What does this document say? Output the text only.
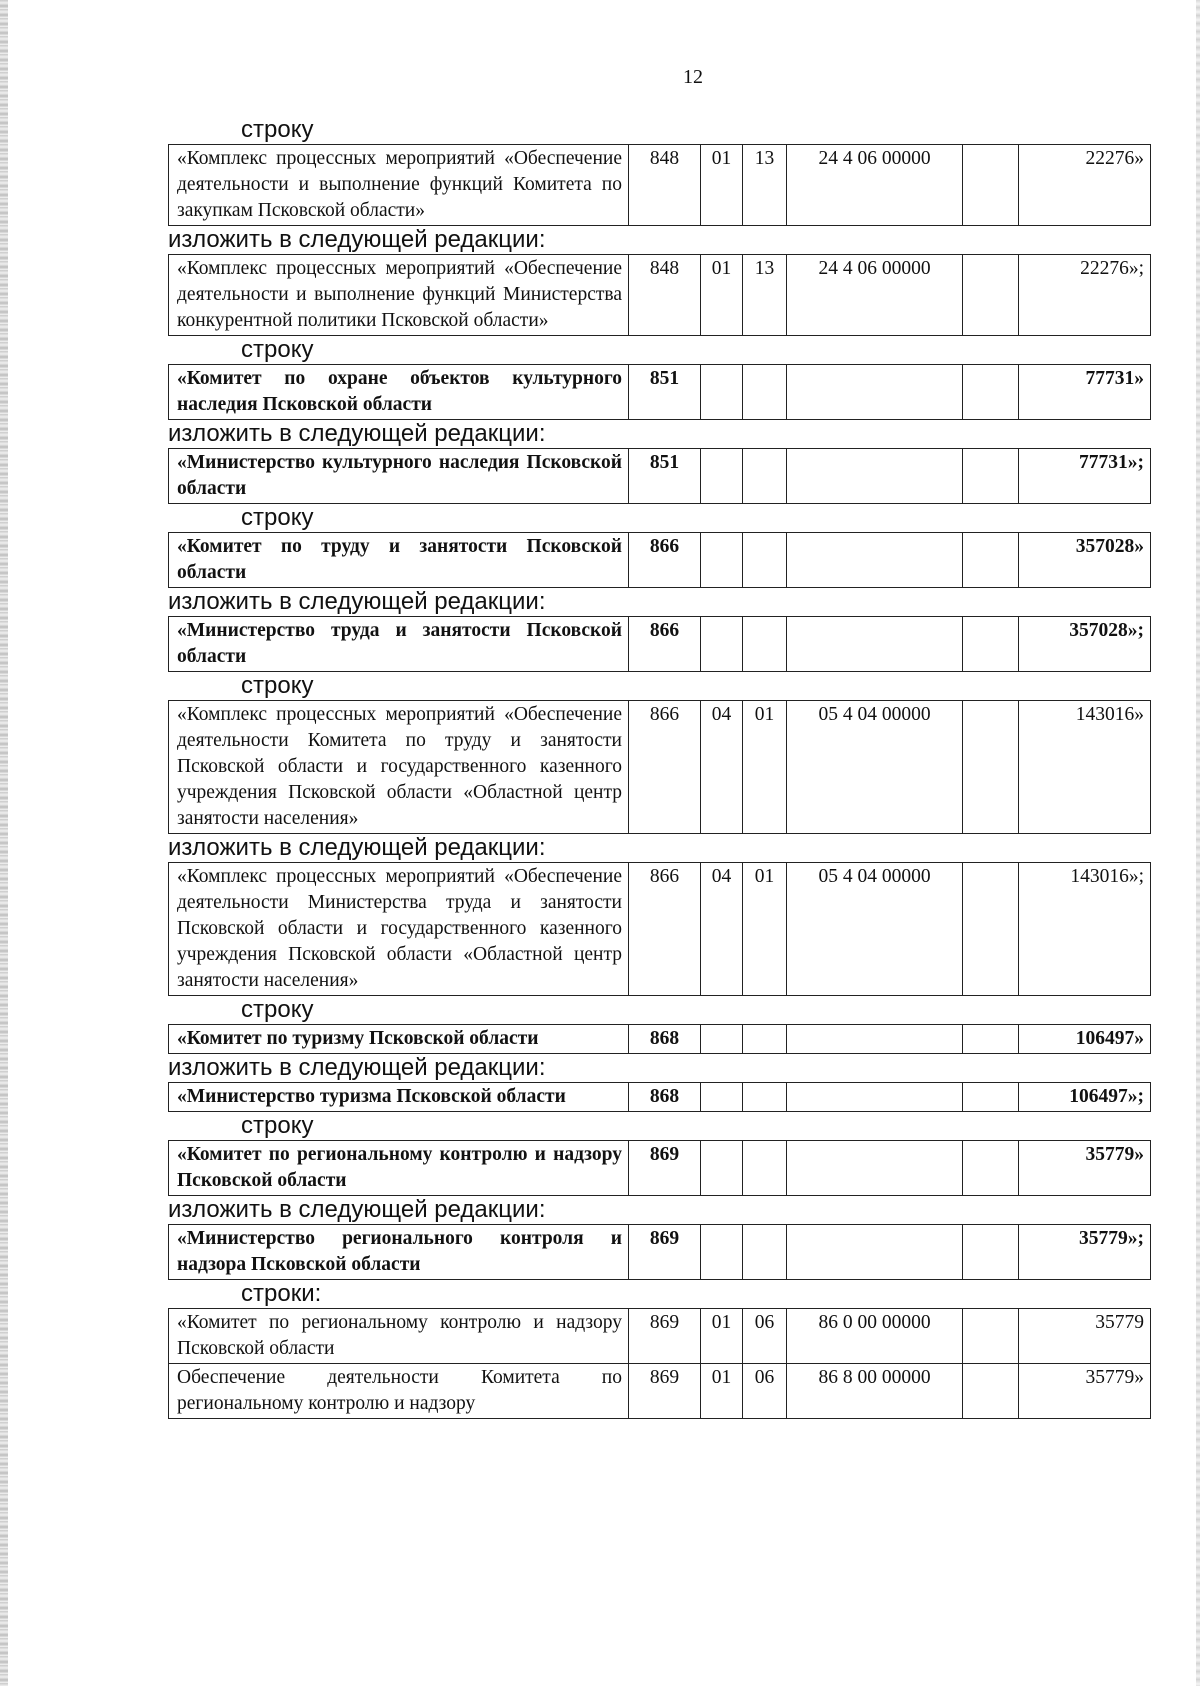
12
строку
«Комплекс процессных мероприятий «Обеспечение деятельности и выполнение функций Комитета по закупкам Псковской области»	848	01	13	24 4 06 00000		22276»
изложить в следующей редакции:
«Комплекс процессных мероприятий «Обеспечение деятельности и выполнение функций Министерства конкурентной политики Псковской области»	848	01	13	24 4 06 00000		22276»;
строку
«Комитет по охране объектов культурного наследия Псковской области	851					77731»
изложить в следующей редакции:
«Министерство культурного наследия Псковской области	851					77731»;
строку
«Комитет по труду и занятости Псковской области	866					357028»
изложить в следующей редакции:
«Министерство труда и занятости Псковской области	866					357028»;
строку
«Комплекс процессных мероприятий «Обеспечение деятельности Комитета по труду и занятости Псковской области и государственного казенного учреждения Псковской области «Областной центр занятости населения»	866	04	01	05 4 04 00000		143016»
изложить в следующей редакции:
«Комплекс процессных мероприятий «Обеспечение деятельности Министерства труда и занятости Псковской области и государственного казенного учреждения Псковской области «Областной центр занятости населения»	866	04	01	05 4 04 00000		143016»;
строку
«Комитет по туризму Псковской области	868					106497»
изложить в следующей редакции:
«Министерство туризма Псковской области	868					106497»;
строку
«Комитет по региональному контролю и надзору Псковской области	869					35779»
изложить в следующей редакции:
«Министерство регионального контроля и надзора Псковской области	869					35779»;
строки:
«Комитет по региональному контролю и надзору Псковской области	869	01	06	86 0 00 00000		35779
Обеспечение деятельности Комитета по региональному контролю и надзору	869	01	06	86 8 00 00000		35779»
